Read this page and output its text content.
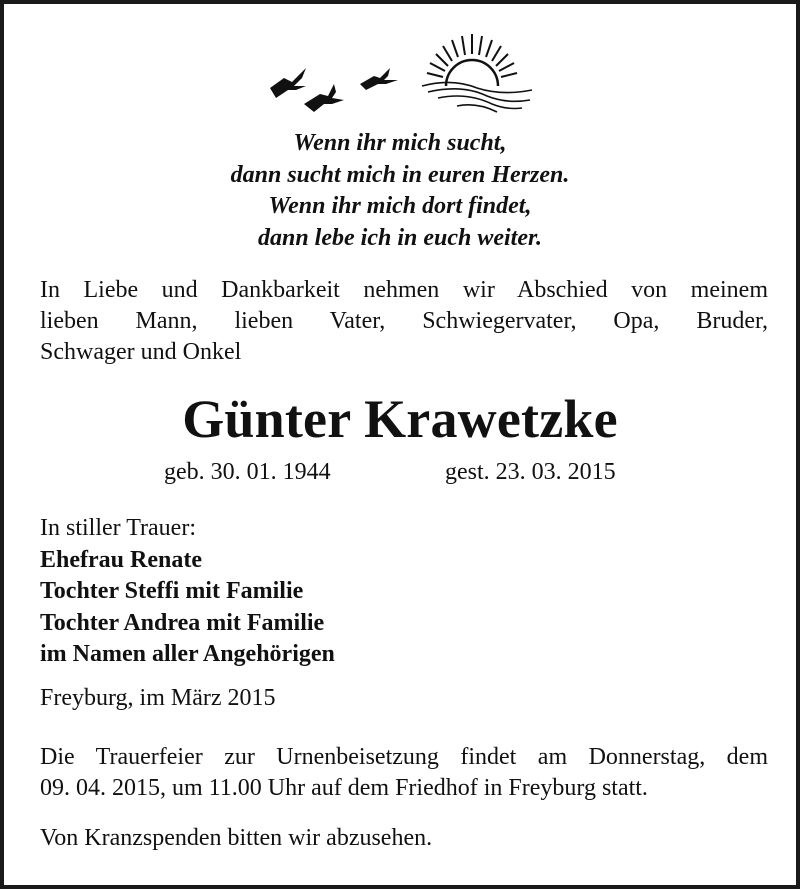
Wenn ihr mich sucht,
dann sucht mich in euren Herzen.
Wenn ihr mich dort findet,
dann lebe ich in euch weiter.
In Liebe und Dankbarkeit nehmen wir Abschied von meinem
lieben Mann, lieben Vater, Schwiegervater, Opa, Bruder,
Schwager und Onkel
Günter Krawetzke
geb. 30. 01. 1944	gest. 23. 03. 2015
In stiller Trauer:
Ehefrau Renate
Tochter Steffi mit Familie
Tochter Andrea mit Familie
im Namen aller Angehörigen
Freyburg, im März 2015
Die Trauerfeier zur Urnenbeisetzung findet am Donnerstag, dem
09. 04. 2015, um 11.00 Uhr auf dem Friedhof in Freyburg statt.
Von Kranzspenden bitten wir abzusehen.
